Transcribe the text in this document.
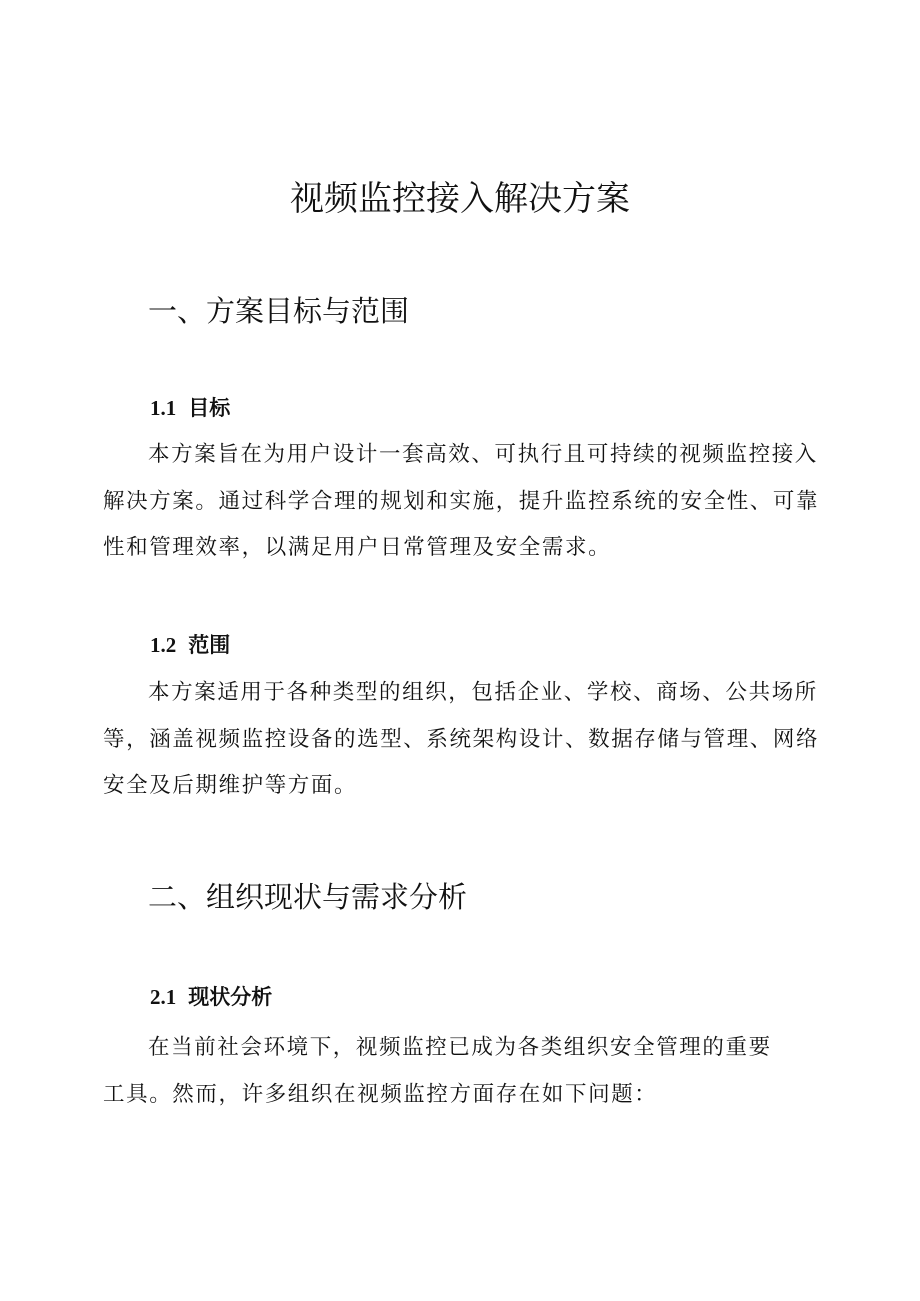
视频监控接入解决方案
一、方案目标与范围
1.1 目标
本方案旨在为用户设计一套高效、可执行且可持续的视频监控接入
解决方案。通过科学合理的规划和实施，提升监控系统的安全性、可靠
性和管理效率，以满足用户日常管理及安全需求。
1.2 范围
本方案适用于各种类型的组织，包括企业、学校、商场、公共场所
等，涵盖视频监控设备的选型、系统架构设计、数据存储与管理、网络
安全及后期维护等方面。
二、组织现状与需求分析
2.1 现状分析
在当前社会环境下，视频监控已成为各类组织安全管理的重要
工具。然而，许多组织在视频监控方面存在如下问题：
